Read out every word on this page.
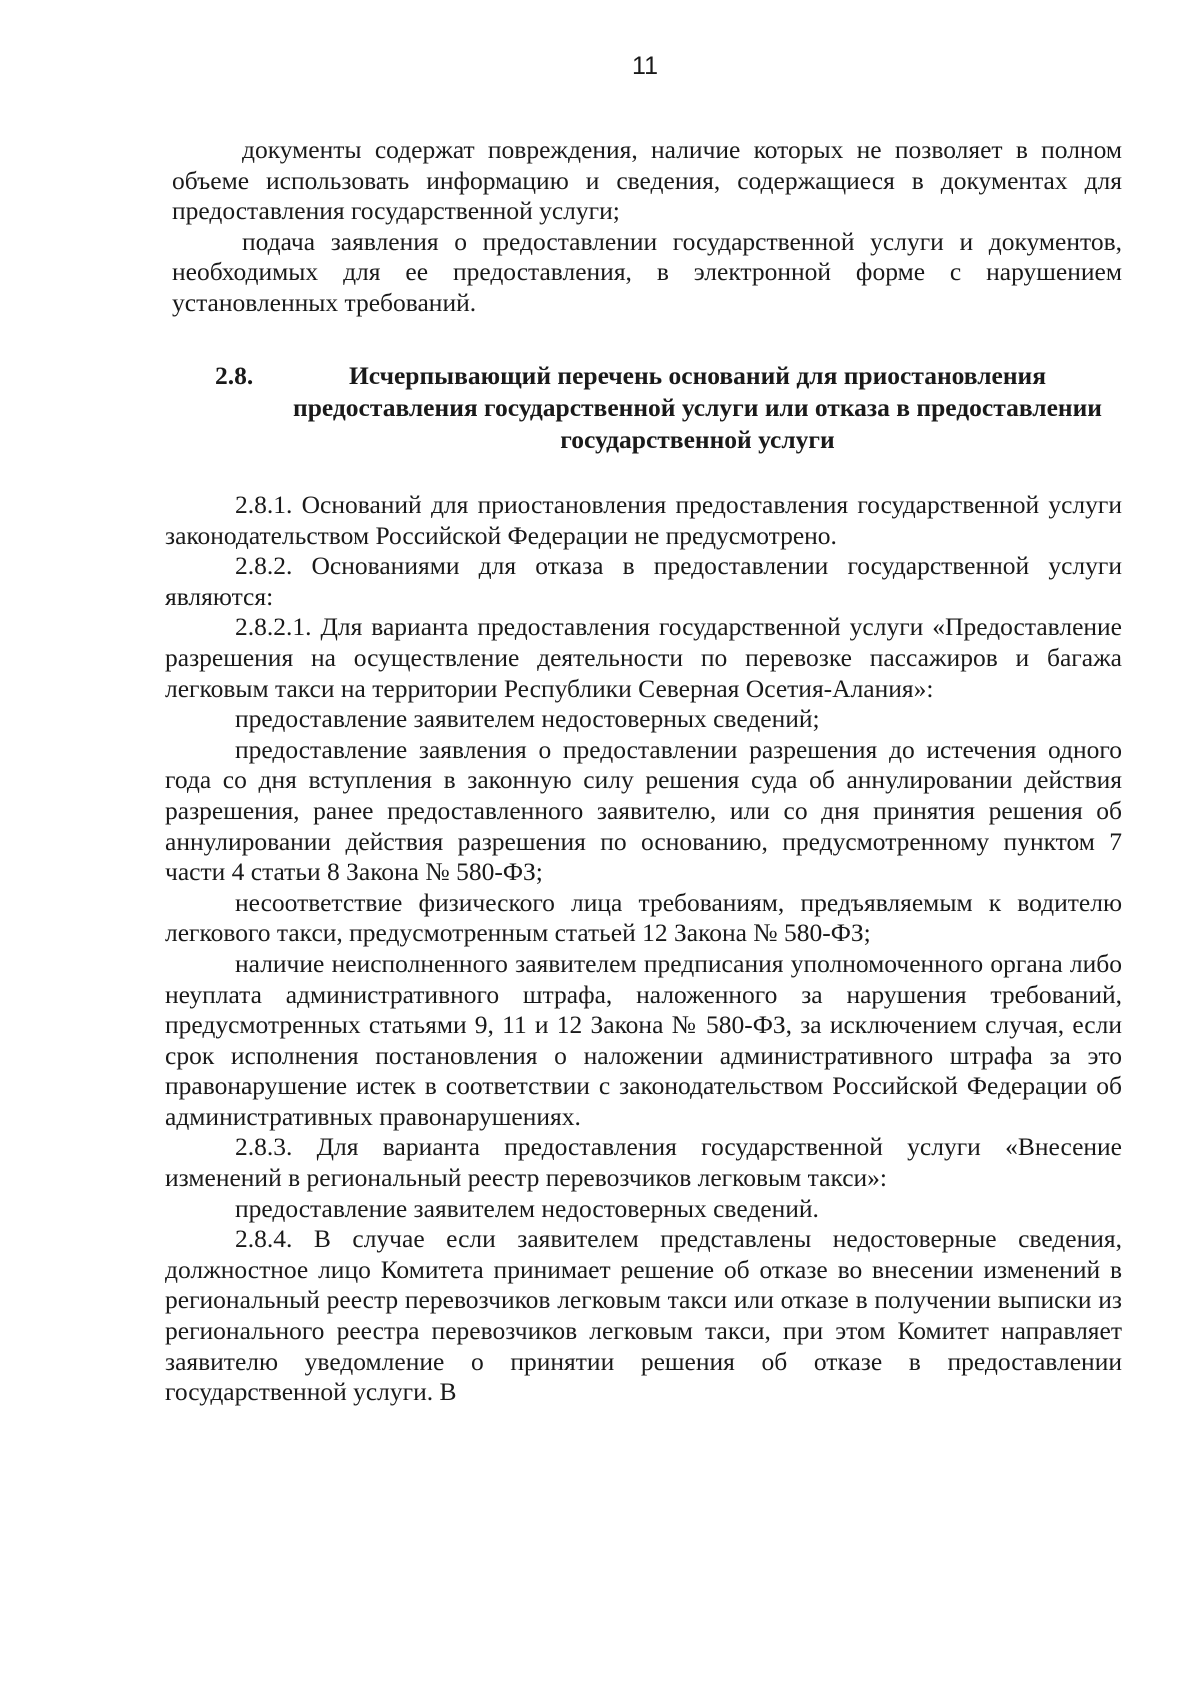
11

документы содержат повреждения, наличие которых не позволяет в полном объеме использовать информацию и сведения, содержащиеся в документах для предоставления государственной услуги;

подача заявления о предоставлении государственной услуги и документов, необходимых для ее предоставления, в электронной форме с нарушением установленных требований.

2.8.	Исчерпывающий перечень оснований для приостановления предоставления государственной услуги или отказа в предоставлении государственной услуги

2.8.1. Оснований для приостановления предоставления государственной услуги законодательством Российской Федерации не предусмотрено.

2.8.2. Основаниями для отказа в предоставлении государственной услуги являются:

2.8.2.1. Для варианта предоставления государственной услуги «Предоставление разрешения на осуществление деятельности по перевозке пассажиров и багажа легковым такси на территории Республики Северная Осетия-Алания»:

предоставление заявителем недостоверных сведений;

предоставление заявления о предоставлении разрешения до истечения одного года со дня вступления в законную силу решения суда об аннулировании действия разрешения, ранее предоставленного заявителю, или со дня принятия решения об аннулировании действия разрешения по основанию, предусмотренному пунктом 7 части 4 статьи 8 Закона № 580-ФЗ;

несоответствие физического лица требованиям, предъявляемым к водителю легкового такси, предусмотренным статьей 12 Закона № 580-ФЗ;

наличие неисполненного заявителем предписания уполномоченного органа либо неуплата административного штрафа, наложенного за нарушения требований, предусмотренных статьями 9, 11 и 12 Закона № 580-ФЗ, за исключением случая, если срок исполнения постановления о наложении административного штрафа за это правонарушение истек в соответствии с законодательством Российской Федерации об административных правонарушениях.

2.8.3. Для варианта предоставления государственной услуги «Внесение изменений в региональный реестр перевозчиков легковым такси»:

предоставление заявителем недостоверных сведений.

2.8.4. В случае если заявителем представлены недостоверные сведения, должностное лицо Комитета принимает решение об отказе во внесении изменений в региональный реестр перевозчиков легковым такси или отказе в получении выписки из регионального реестра перевозчиков легковым такси, при этом Комитет направляет заявителю уведомление о принятии решения об отказе в предоставлении государственной услуги. В
